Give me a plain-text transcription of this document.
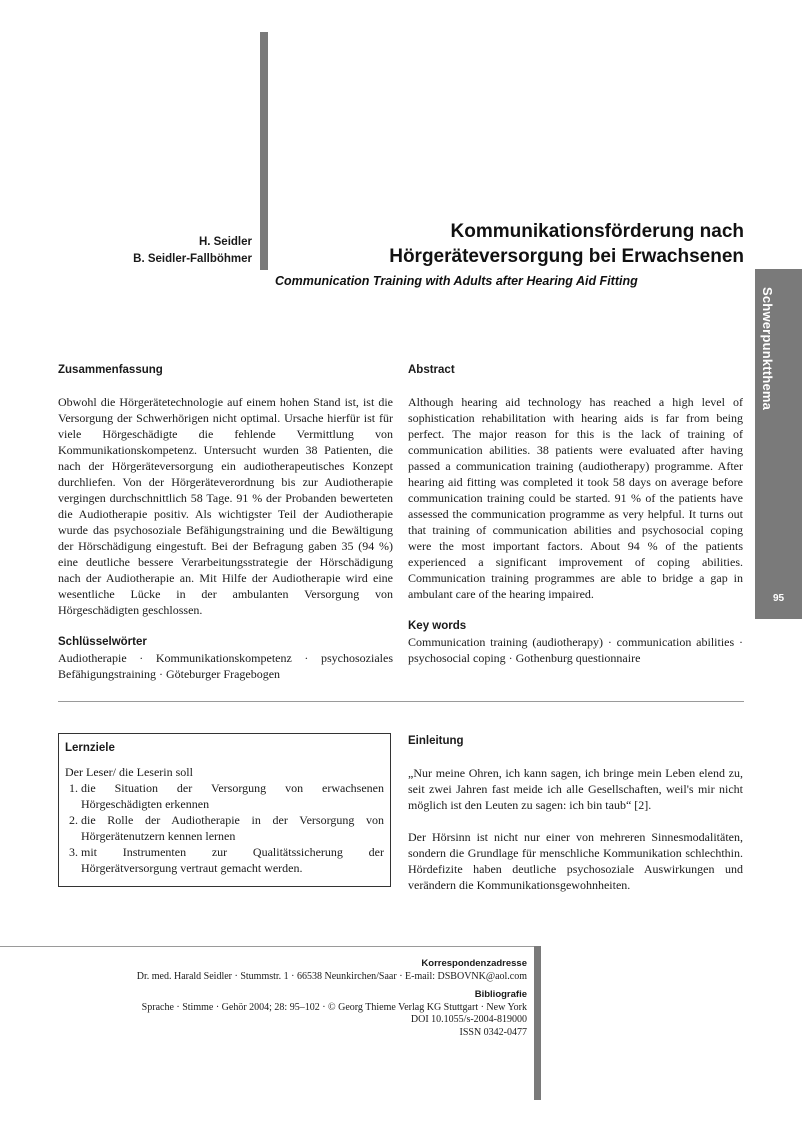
H. Seidler
B. Seidler-Fallböhmer
Kommunikationsförderung nach
Hörgeräteversorgung bei Erwachsenen
Communication Training with Adults after Hearing Aid Fitting
Schwerpunktthema
95
Zusammenfassung

Obwohl die Hörgerätetechnologie auf einem hohen Stand ist, ist die Versorgung der Schwerhörigen nicht optimal. Ursache hierfür ist für viele Hörgeschädigte die fehlende Vermittlung von Kommunikationskompetenz. Untersucht wurden 38 Patienten, die nach der Hörgeräteversorgung ein audiotherapeutisches Konzept durchliefen. Von der Hörgeräteverordnung bis zur Audiotherapie vergingen durchschnittlich 58 Tage. 91 % der Probanden bewerteten die Audiotherapie positiv. Als wichtigster Teil der Audiotherapie wurde das psychosoziale Befähigungstraining und die Bewältigung der Hörschädigung eingestuft. Bei der Befragung gaben 35 (94 %) eine deutliche bessere Verarbeitungsstrategie der Hörschädigung nach der Audiotherapie an. Mit Hilfe der Audiotherapie wird eine wesentliche Lücke in der ambulanten Versorgung von Hörgeschädigten geschlossen.

Schlüsselwörter

Audiotherapie · Kommunikationskompetenz · psychosoziales Befähigungstraining · Göteburger Fragebogen

Abstract

Although hearing aid technology has reached a high level of sophistication rehabilitation with hearing aids is far from being perfect. The major reason for this is the lack of training of communication abilities. 38 patients were evaluated after having passed a communication training (audiotherapy) programme. After hearing aid fitting was completed it took 58 days on average before communication training could be started. 91 % of the patients have assessed the communication programme as very helpful. It turns out that training of communication abilities and psychosocial coping were the most important factors. About 94 % of the patients experienced a significant improvement of coping abilities. Communication training programmes are able to bridge a gap in ambulant care of the hearing impaired.

Key words

Communication training (audiotherapy) · communication abilities · psychosocial coping · Gothenburg questionnaire

Lernziele
Der Leser/ die Leserin soll
1. die Situation der Versorgung von erwachsenen Hörgeschädigten erkennen
2. die Rolle der Audiotherapie in der Versorgung von Hörgerätenutzern kennen lernen
3. mit Instrumenten zur Qualitätssicherung der Hörgerätversorgung vertraut gemacht werden.
Einleitung

„Nur meine Ohren, ich kann sagen, ich bringe mein Leben elend zu, seit zwei Jahren fast meide ich alle Gesellschaften, weil's mir nicht möglich ist den Leuten zu sagen: ich bin taub“ [2].

Der Hörsinn ist nicht nur einer von mehreren Sinnesmodalitäten, sondern die Grundlage für menschliche Kommunikation schlechthin. Hördefizite haben deutliche psychosoziale Auswirkungen und verändern die Kommunikationsgewohnheiten.

Korrespondenzadresse
Dr. med. Harald Seidler · Stummstr. 1 · 66538 Neunkirchen/Saar · E-mail: DSBOVNK@aol.com
Bibliografie
Sprache · Stimme · Gehör 2004; 28: 95–102 · © Georg Thieme Verlag KG Stuttgart · New York
DOI 10.1055/s-2004-819000
ISSN 0342-0477
